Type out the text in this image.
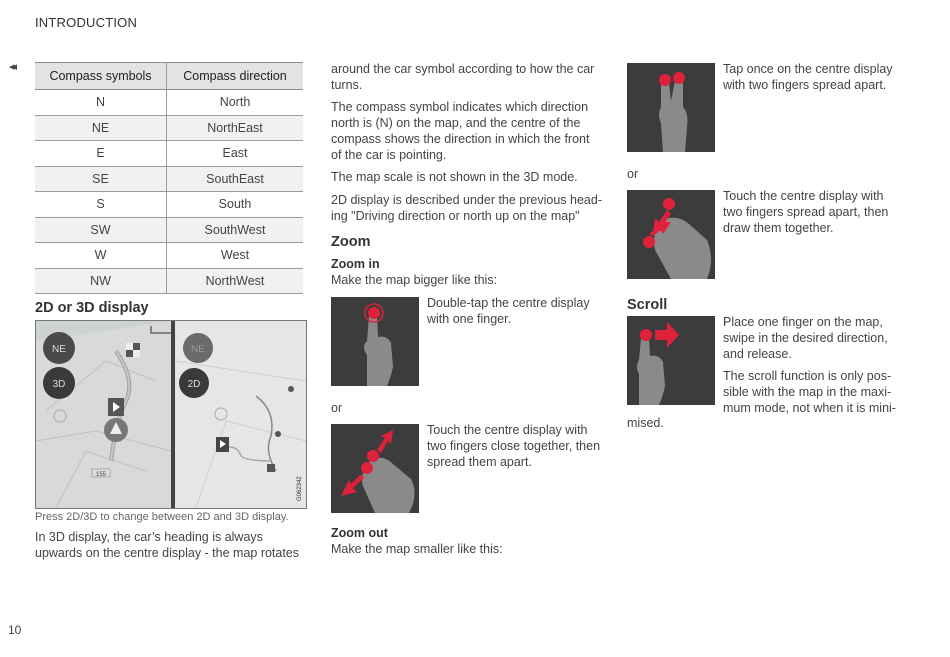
INTRODUCTION
◂◂
10
Compass symbols	Compass direction
N	North
NE	NorthEast
E	East
SE	SouthEast
S	South
SW	SouthWest
W	West
NW	NorthWest
2D or 3D display
NE
3D
155
NE
2D
G062342
Press 2D/3D to change between 2D and 3D display.
In 3D display, the car’s heading is always
upwards on the centre display - the map rotates
around the car symbol according to how the car
turns.
The compass symbol indicates which direction
north is (N) on the map, and the centre of the
compass shows the direction in which the front
of the car is pointing.
The map scale is not shown in the 3D mode.
2D display is described under the previous head-
ing "Driving direction or north up on the map"
Zoom
Zoom in
Make the map bigger like this:
Double-tap the centre display
with one finger.
or
Touch the centre display with
two fingers close together, then
spread them apart.
Zoom out
Make the map smaller like this:
Tap once on the centre display
with two fingers spread apart.
or
Touch the centre display with
two fingers spread apart, then
draw them together.
Scroll
Place one finger on the map,
swipe in the desired direction,
and release.
The scroll function is only pos-
sible with the map in the maxi-
mum mode, not when it is mini-
mised.
